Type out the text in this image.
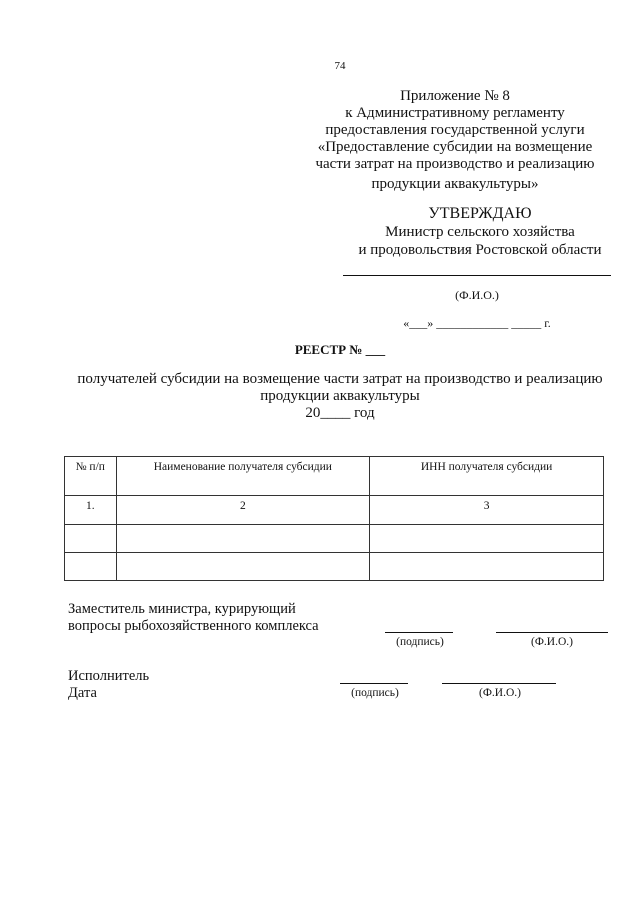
74
Приложение № 8
к Административному регламенту
предоставления государственной услуги
«Предоставление субсидии на возмещение
части затрат на производство и реализацию
продукции аквакультуры»
УТВЕРЖДАЮ
Министр сельского хозяйства
и продовольствия Ростовской области
(Ф.И.О.)
«___» ____________ _____ г.
РЕЕСТР № ___
получателей субсидии на возмещение части затрат на производство и реализацию
продукции аквакультуры
20____ год
№ п/п	Наименование получателя субсидии	ИНН получателя субсидии
1.	2	3

Заместитель министра, курирующий
вопросы рыбохозяйственного комплекса
(подпись)	(Ф.И.О.)
Исполнитель
Дата	(подпись)	(Ф.И.О.)
